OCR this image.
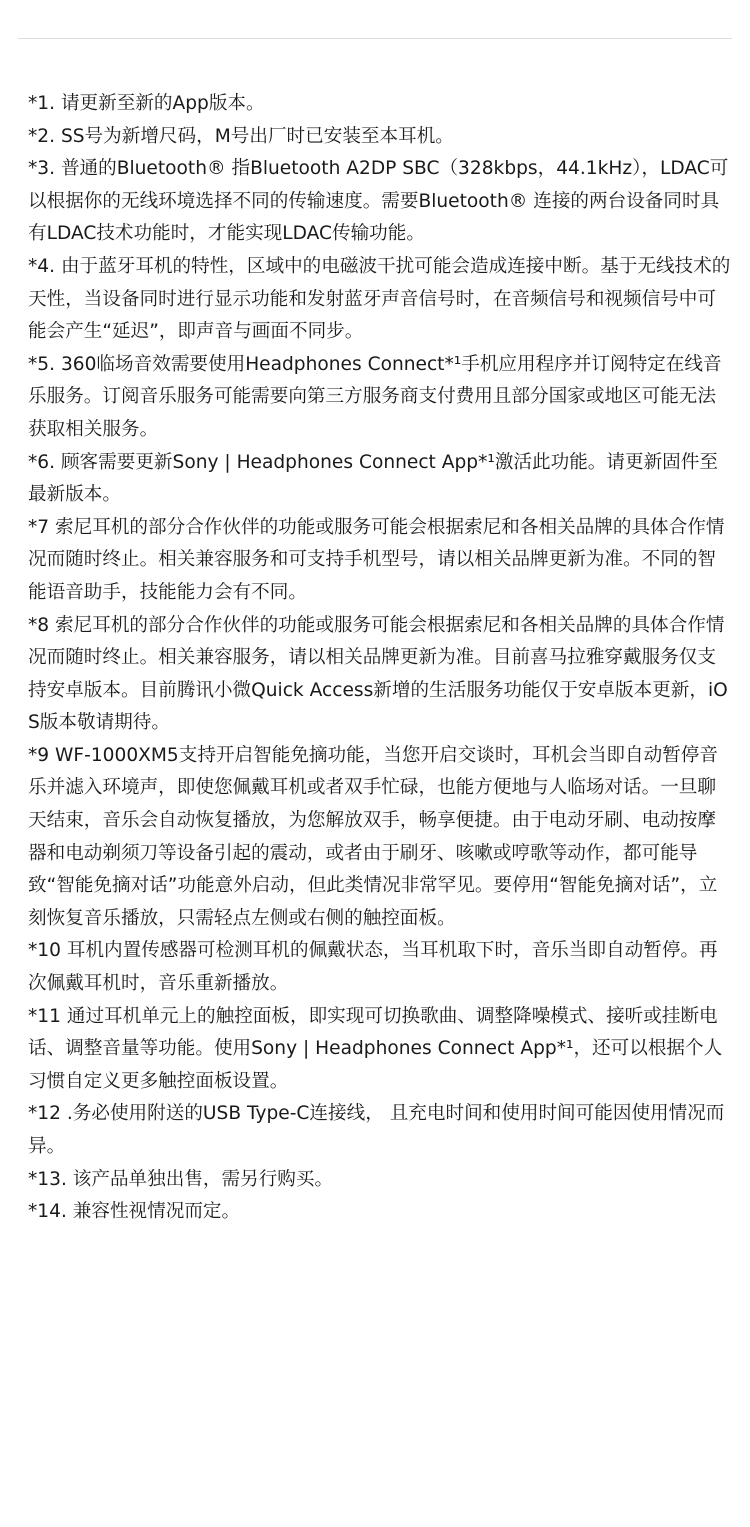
*1. 请更新至新的App版本。
*2. SS号为新增尺码，M号出厂时已安装至本耳机。
*3. 普通的Bluetooth® 指Bluetooth A2DP SBC（328kbps，44.1kHz），LDAC可以根据你的无线环境选择不同的传输速度。需要Bluetooth® 连接的两台设备同时具有LDAC技术功能时，才能实现LDAC传输功能。
*4. 由于蓝牙耳机的特性，区域中的电磁波干扰可能会造成连接中断。基于无线技术的天性，当设备同时进行显示功能和发射蓝牙声音信号时，在音频信号和视频信号中可能会产生“延迟”，即声音与画面不同步。
*5. 360临场音效需要使用Headphones Connect*¹手机应用程序并订阅特定在线音乐服务。订阅音乐服务可能需要向第三方服务商支付费用且部分国家或地区可能无法获取相关服务。
*6. 顾客需要更新Sony | Headphones Connect App*¹激活此功能。请更新固件至最新版本。
*7 索尼耳机的部分合作伙伴的功能或服务可能会根据索尼和各相关品牌的具体合作情况而随时终止。相关兼容服务和可支持手机型号，请以相关品牌更新为准。不同的智能语音助手，技能能力会有不同。
*8 索尼耳机的部分合作伙伴的功能或服务可能会根据索尼和各相关品牌的具体合作情况而随时终止。相关兼容服务，请以相关品牌更新为准。目前喜马拉雅穿戴服务仅支持安卓版本。目前腾讯小微Quick Access新增的生活服务功能仅于安卓版本更新，iOS版本敬请期待。
*9 WF-1000XM5支持开启智能免摘功能，当您开启交谈时，耳机会当即自动暂停音乐并滤入环境声，即使您佩戴耳机或者双手忙碌，也能方便地与人临场对话。一旦聊天结束，音乐会自动恢复播放，为您解放双手，畅享便捷。由于电动牙刷、电动按摩器和电动剃须刀等设备引起的震动，或者由于刷牙、咳嗽或哼歌等动作，都可能导致“智能免摘对话”功能意外启动，但此类情况非常罕见。要停用“智能免摘对话”，立刻恢复音乐播放，只需轻点左侧或右侧的触控面板。
*10 耳机内置传感器可检测耳机的佩戴状态，当耳机取下时，音乐当即自动暂停。再次佩戴耳机时，音乐重新播放。
*11 通过耳机单元上的触控面板，即实现可切换歌曲、调整降噪模式、接听或挂断电话、调整音量等功能。使用Sony | Headphones Connect App*¹，还可以根据个人习惯自定义更多触控面板设置。
*12 .务必使用附送的USB Type-C连接线， 且充电时间和使用时间可能因使用情况而异。
*13. 该产品单独出售，需另行购买。
*14. 兼容性视情况而定。
